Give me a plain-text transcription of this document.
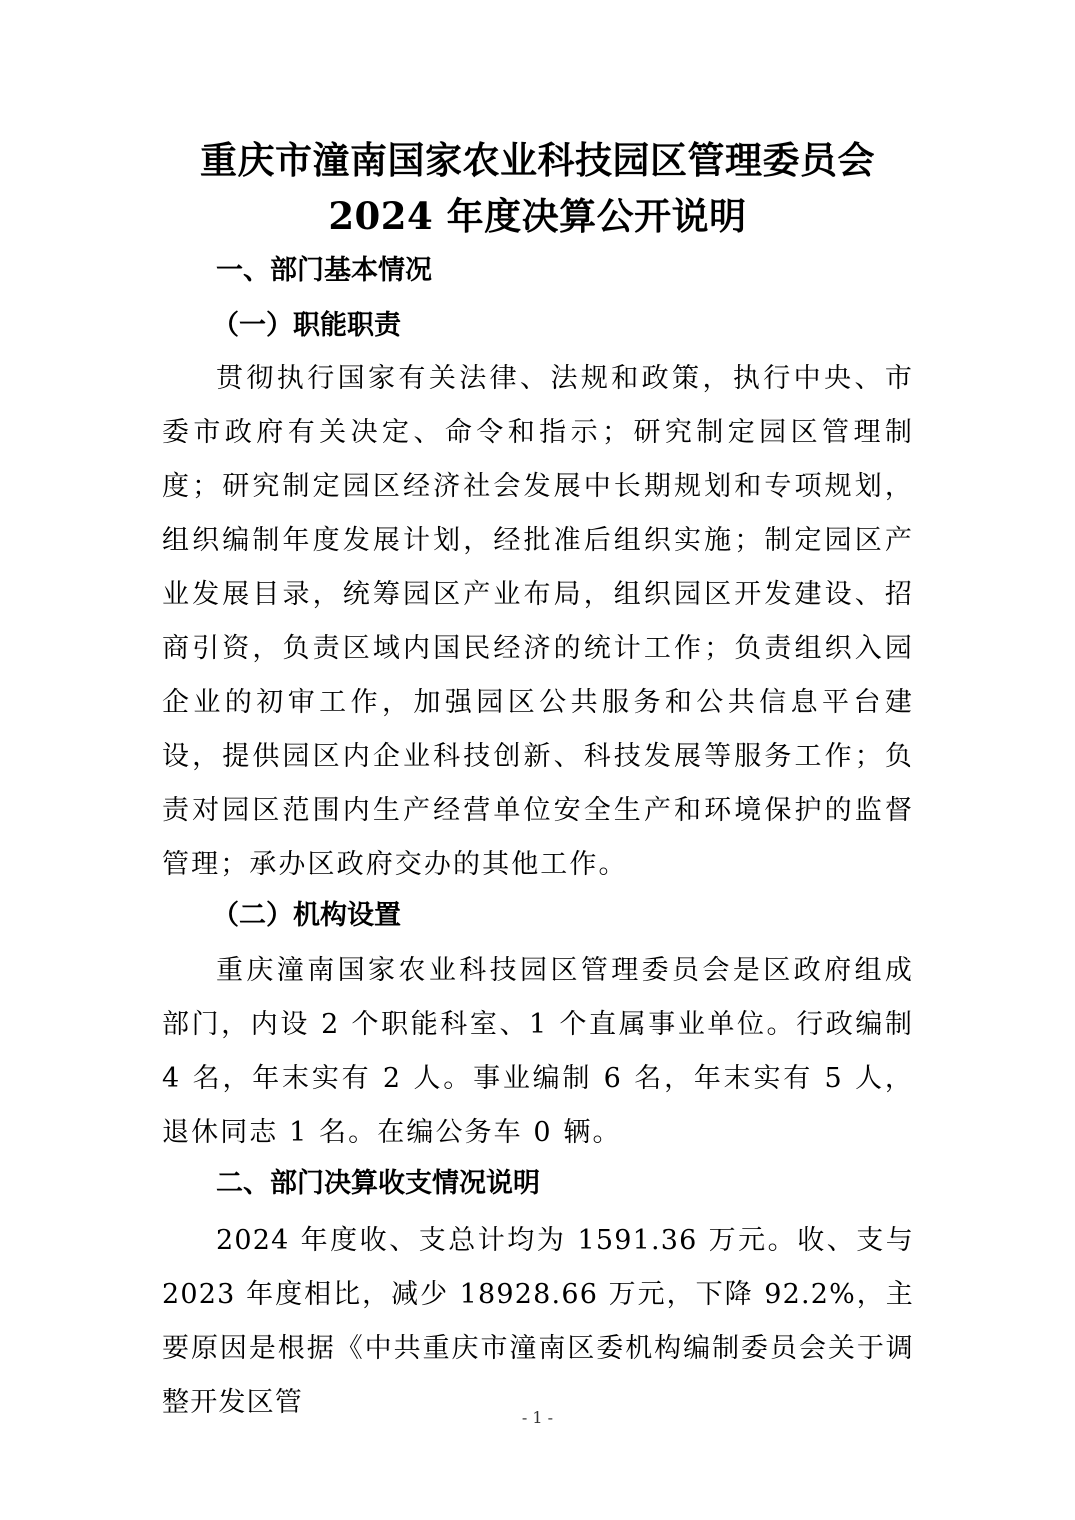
重庆市潼南国家农业科技园区管理委员会
2024 年度决算公开说明
一、部门基本情况
（一）职能职责

贯彻执行国家有关法律、法规和政策，执行中央、市委市政府有关决定、命令和指示；研究制定园区管理制度；研究制定园区经济社会发展中长期规划和专项规划，组织编制年度发展计划，经批准后组织实施；制定园区产业发展目录，统筹园区产业布局，组织园区开发建设、招商引资，负责区域内国民经济的统计工作；负责组织入园企业的初审工作，加强园区公共服务和公共信息平台建设，提供园区内企业科技创新、科技发展等服务工作；负责对园区范围内生产经营单位安全生产和环境保护的监督管理；承办区政府交办的其他工作。

（二）机构设置

重庆潼南国家农业科技园区管理委员会是区政府组成部门，内设 2 个职能科室、1 个直属事业单位。行政编制 4 名，年末实有 2 人。事业编制 6 名，年末实有 5 人，退休同志 1 名。在编公务车 0 辆。

二、部门决算收支情况说明

2024 年度收、支总计均为 1591.36 万元。收、支与 2023 年度相比，减少 18928.66 万元，下降 92.2%，主要原因是根据《中共重庆市潼南区委机构编制委员会关于调整开发区管	- 1 -
